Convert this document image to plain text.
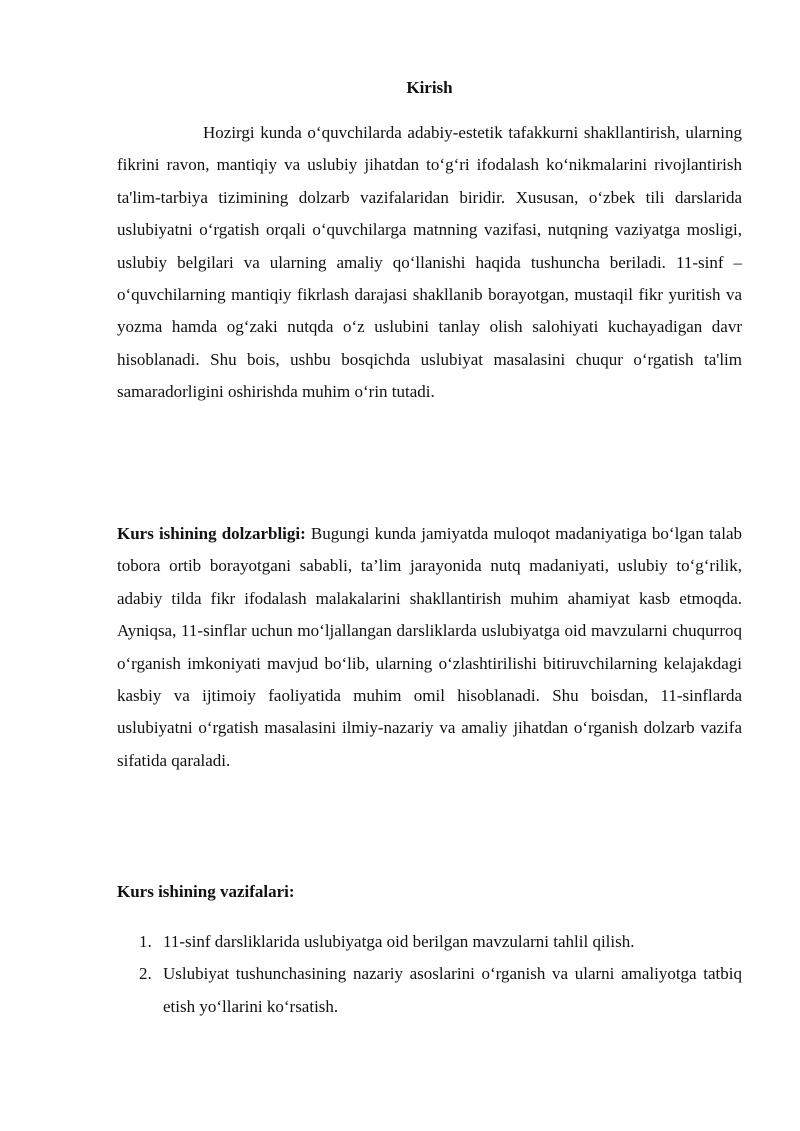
Kirish

Hozirgi kunda o‘quvchilarda adabiy-estetik tafakkurni shakllantirish, ularning fikrini ravon, mantiqiy va uslubiy jihatdan to‘g‘ri ifodalash ko‘nikmalarini rivojlantirish ta'lim-tarbiya tizimining dolzarb vazifalaridan biridir. Xususan, o‘zbek tili darslarida uslubiyatni o‘rgatish orqali o‘quvchilarga matnning vazifasi, nutqning vaziyatga mosligi, uslubiy belgilari va ularning amaliy qo‘llanishi haqida tushuncha beriladi. 11-sinf – o‘quvchilarning mantiqiy fikrlash darajasi shakllanib borayotgan, mustaqil fikr yuritish va yozma hamda og‘zaki nutqda o‘z uslubini tanlay olish salohiyati kuchayadigan davr hisoblanadi. Shu bois, ushbu bosqichda uslubiyat masalasini chuqur o‘rgatish ta'lim samaradorligini oshirishda muhim o‘rin tutadi.

Kurs ishining dolzarbligi: Bugungi kunda jamiyatda muloqot madaniyatiga bo‘lgan talab tobora ortib borayotgani sababli, ta’lim jarayonida nutq madaniyati, uslubiy to‘g‘rilik, adabiy tilda fikr ifodalash malakalarini shakllantirish muhim ahamiyat kasb etmoqda. Ayniqsa, 11-sinflar uchun mo‘ljallangan darsliklarda uslubiyatga oid mavzularni chuqurroq o‘rganish imkoniyati mavjud bo‘lib, ularning o‘zlashtirilishi bitiruvchilarning kelajakdagi kasbiy va ijtimoiy faoliyatida muhim omil hisoblanadi. Shu boisdan, 11-sinflarda uslubiyatni o‘rgatish masalasini ilmiy-nazariy va amaliy jihatdan o‘rganish dolzarb vazifa sifatida qaraladi.

Kurs ishining vazifalari:
1. 11-sinf darsliklarida uslubiyatga oid berilgan mavzularni tahlil qilish.
2. Uslubiyat tushunchasining nazariy asoslarini o‘rganish va ularni amaliyotga tatbiq etish yo‘llarini ko‘rsatish.
